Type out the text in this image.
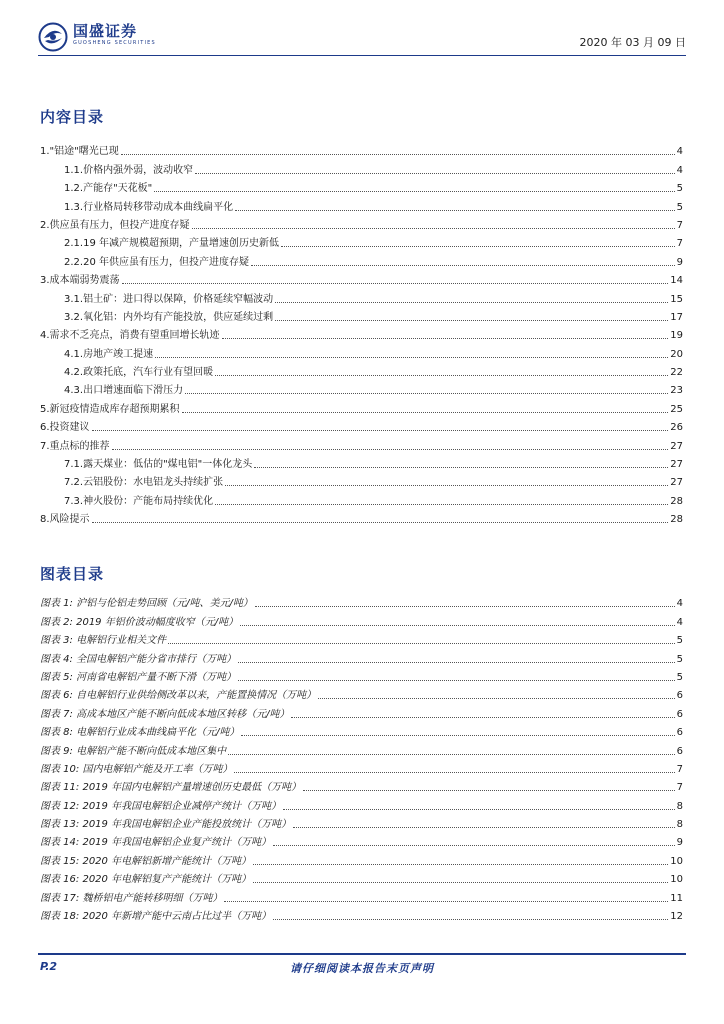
国盛证券
GUOSHENG SECURITIES	2020 年 03 月 09 日
内容目录
1."铝途"曙光已现	4
1.1.价格内强外弱，波动收窄	4
1.2.产能存"天花板"	5
1.3.行业格局转移带动成本曲线扁平化	5
2.供应虽有压力，但投产进度存疑	7
2.1.19 年减产规模超预期，产量增速创历史新低	7
2.2.20 年供应虽有压力，但投产进度存疑	9
3.成本端弱势震荡	14
3.1.铝土矿：进口得以保障，价格延续窄幅波动	15
3.2.氧化铝：内外均有产能投放，供应延续过剩	17
4.需求不乏亮点，消费有望重回增长轨迹	19
4.1.房地产竣工提速	20
4.2.政策托底，汽车行业有望回暖	22
4.3.出口增速面临下滑压力	23
5.新冠疫情造成库存超预期累积	25
6.投资建议	26
7.重点标的推荐	27
7.1.露天煤业：低估的"煤电铝"一体化龙头	27
7.2.云铝股份：水电铝龙头持续扩张	27
7.3.神火股份：产能布局持续优化	28
8.风险提示	28
图表目录
图表 1: 沪铝与伦铝走势回顾（元/吨、美元/吨）	4
图表 2: 2019 年铝价波动幅度收窄（元/吨）	4
图表 3: 电解铝行业相关文件	5
图表 4: 全国电解铝产能分省市排行（万吨）	5
图表 5: 河南省电解铝产量不断下滑（万吨）	5
图表 6: 自电解铝行业供给侧改革以来，产能置换情况（万吨）	6
图表 7: 高成本地区产能不断向低成本地区转移（元/吨）	6
图表 8: 电解铝行业成本曲线扁平化（元/吨）	6
图表 9: 电解铝产能不断向低成本地区集中	6
图表 10: 国内电解铝产能及开工率（万吨）	7
图表 11: 2019 年国内电解铝产量增速创历史最低（万吨）	7
图表 12: 2019 年我国电解铝企业减停产统计（万吨）	8
图表 13: 2019 年我国电解铝企业产能投放统计（万吨）	8
图表 14: 2019 年我国电解铝企业复产统计（万吨）	9
图表 15: 2020 年电解铝新增产能统计（万吨）	10
图表 16: 2020 年电解铝复产产能统计（万吨）	10
图表 17: 魏桥铝电产能转移明细（万吨）	11
图表 18: 2020 年新增产能中云南占比过半（万吨）	12
P.2	请仔细阅读本报告末页声明
